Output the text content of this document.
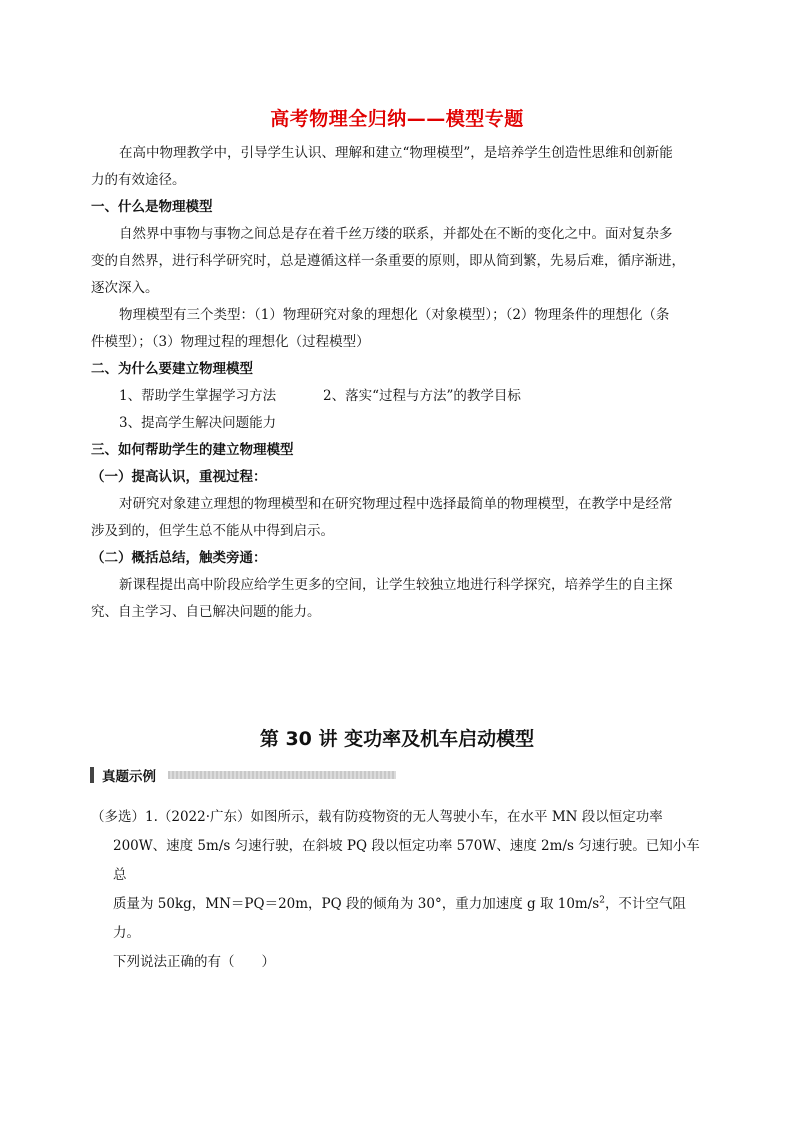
高考物理全归纳——模型专题

在高中物理教学中，引导学生认识、理解和建立“物理模型”，是培养学生创造性思维和创新能

力的有效途径。

一、什么是物理模型

自然界中事物与事物之间总是存在着千丝万缕的联系，并都处在不断的变化之中。面对复杂多

变的自然界，进行科学研究时，总是遵循这样一条重要的原则，即从简到繁，先易后难，循序渐进，

逐次深入。

物理模型有三个类型：（1）物理研究对象的理想化（对象模型）；（2）物理条件的理想化（条

件模型）；（3）物理过程的理想化（过程模型）

二、为什么要建立物理模型

1、帮助学生掌握学习方法	2、落实“过程与方法”的教学目标
3、提高学生解决问题能力

三、如何帮助学生的建立物理模型

（一）提高认识，重视过程：

对研究对象建立理想的物理模型和在研究物理过程中选择最简单的物理模型，在教学中是经常

涉及到的，但学生总不能从中得到启示。

（二）概括总结，触类旁通：

新课程提出高中阶段应给学生更多的空间，让学生较独立地进行科学探究，培养学生的自主探

究、自主学习、自已解决问题的能力。

第 30 讲 变功率及机车启动模型
真题示例

（多选）1.（2022·广东）如图所示，载有防疫物资的无人驾驶小车，在水平 MN 段以恒定功率

200W、速度 5m/s 匀速行驶，在斜坡 PQ 段以恒定功率 570W、速度 2m/s 匀速行驶。已知小车总

质量为 50kg，MN＝PQ＝20m，PQ 段的倾角为 30°，重力加速度 g 取 $10m/s^2$，不计空气阻力。

下列说法正确的有（　　）
